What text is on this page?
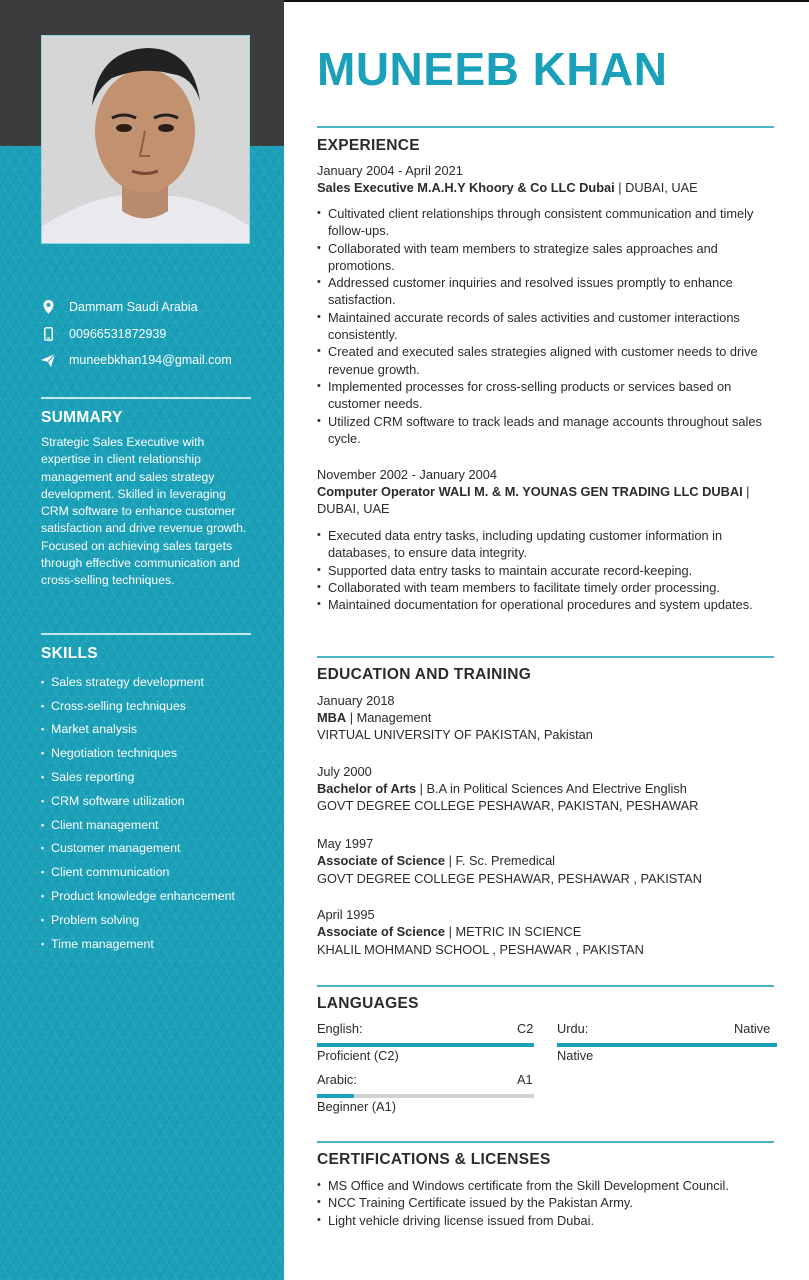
Dammam Saudi Arabia
00966531872939
muneebkhan194@gmail.com
SUMMARY
Strategic Sales Executive with expertise in client relationship management and sales strategy development. Skilled in leveraging CRM software to enhance customer satisfaction and drive revenue growth. Focused on achieving sales targets through effective communication and cross-selling techniques.
SKILLS
• Sales strategy development
• Cross-selling techniques
• Market analysis
• Negotiation techniques
• Sales reporting
• CRM software utilization
• Client management
• Customer management
• Client communication
• Product knowledge enhancement
• Problem solving
• Time management
MUNEEB KHAN
EXPERIENCE
January 2004 - April 2021
Sales Executive M.A.H.Y Khoory & Co LLC Dubai | DUBAI, UAE
• Cultivated client relationships through consistent communication and timely follow-ups.
• Collaborated with team members to strategize sales approaches and promotions.
• Addressed customer inquiries and resolved issues promptly to enhance satisfaction.
• Maintained accurate records of sales activities and customer interactions consistently.
• Created and executed sales strategies aligned with customer needs to drive revenue growth.
• Implemented processes for cross-selling products or services based on customer needs.
• Utilized CRM software to track leads and manage accounts throughout sales cycle.
November 2002 - January 2004
Computer Operator WALI M. & M. YOUNAS GEN TRADING LLC DUBAI |
DUBAI, UAE
• Executed data entry tasks, including updating customer information in databases, to ensure data integrity.
• Supported data entry tasks to maintain accurate record-keeping.
• Collaborated with team members to facilitate timely order processing.
• Maintained documentation for operational procedures and system updates.
EDUCATION AND TRAINING
January 2018
MBA | Management
VIRTUAL UNIVERSITY OF PAKISTAN, Pakistan
July 2000
Bachelor of Arts | B.A in Political Sciences And Electrive English
GOVT DEGREE COLLEGE PESHAWAR, PAKISTAN, PESHAWAR
May 1997
Associate of Science | F. Sc. Premedical
GOVT DEGREE COLLEGE PESHAWAR, PESHAWAR , PAKISTAN
April 1995
Associate of Science | METRIC IN SCIENCE
KHALIL MOHMAND SCHOOL , PESHAWAR , PAKISTAN
LANGUAGES
English:	C2
Proficient (C2)
Urdu:	Native
Native
Arabic:	A1
Beginner (A1)
CERTIFICATIONS & LICENSES
• MS Office and Windows certificate from the Skill Development Council.
• NCC Training Certificate issued by the Pakistan Army.
• Light vehicle driving license issued from Dubai.
